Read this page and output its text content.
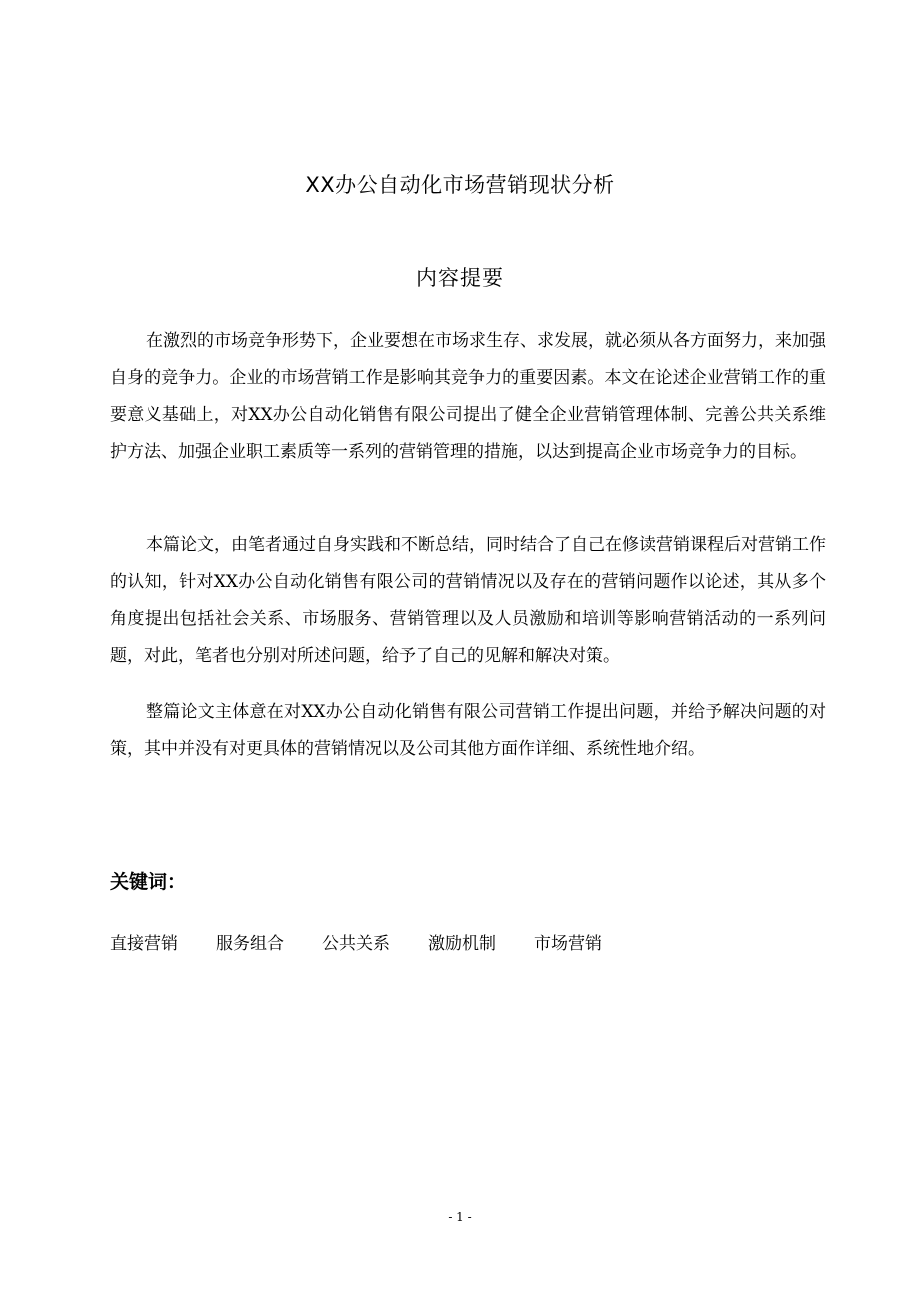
XX办公自动化市场营销现状分析
内容提要

在激烈的市场竞争形势下，企业要想在市场求生存、求发展，就必须从各方面努力，来加强自身的竞争力。企业的市场营销工作是影响其竞争力的重要因素。本文在论述企业营销工作的重要意义基础上，对XX办公自动化销售有限公司提出了健全企业营销管理体制、完善公共关系维护方法、加强企业职工素质等一系列的营销管理的措施，以达到提高企业市场竞争力的目标。

本篇论文，由笔者通过自身实践和不断总结，同时结合了自己在修读营销课程后对营销工作的认知，针对XX办公自动化销售有限公司的营销情况以及存在的营销问题作以论述，其从多个角度提出包括社会关系、市场服务、营销管理以及人员激励和培训等影响营销活动的一系列问题，对此，笔者也分别对所述问题，给予了自己的见解和解决对策。

整篇论文主体意在对XX办公自动化销售有限公司营销工作提出问题，并给予解决问题的对策，其中并没有对更具体的营销情况以及公司其他方面作详细、系统性地介绍。

关键词：
直接营销 服务组合 公共关系 激励机制 市场营销
- 1 -
